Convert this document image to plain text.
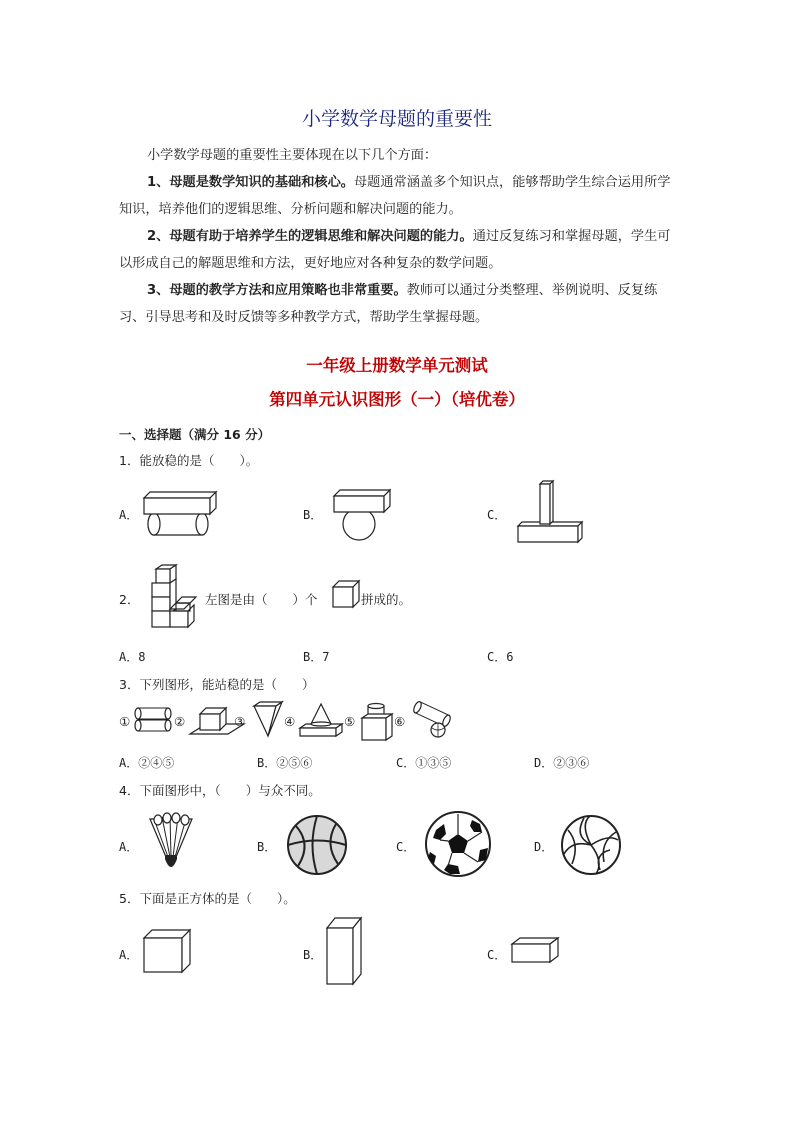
小学数学母题的重要性
小学数学母题的重要性主要体现在以下几个方面：
1、母题是数学知识的基础和核心。母题通常涵盖多个知识点，能够帮助学生综合运用所学知识，培养他们的逻辑思维、分析问题和解决问题的能力。
2、母题有助于培养学生的逻辑思维和解决问题的能力。通过反复练习和掌握母题，学生可以形成自己的解题思维和方法，更好地应对各种复杂的数学问题。
3、母题的教学方法和应用策略也非常重要。教师可以通过分类整理、举例说明、反复练习、引导思考和及时反馈等多种教学方式，帮助学生掌握母题。
一年级上册数学单元测试
第四单元认识图形（一）（培优卷）
一、选择题（满分 16 分）
1．能放稳的是（　　）。
A．	B．	C．
2．	左图是由（　　）个	拼成的。
A．8	B．7	C．6
3．下列图形，能站稳的是（　　）
①	②	③	④	⑤	⑥
A．②④⑤	B．②⑤⑥	C．①③⑤	D．②③⑥
4．下面图形中，（　　）与众不同。
A．	B．	C．	D．
5．下面是正方体的是（　　）。
A．	B．	C．
